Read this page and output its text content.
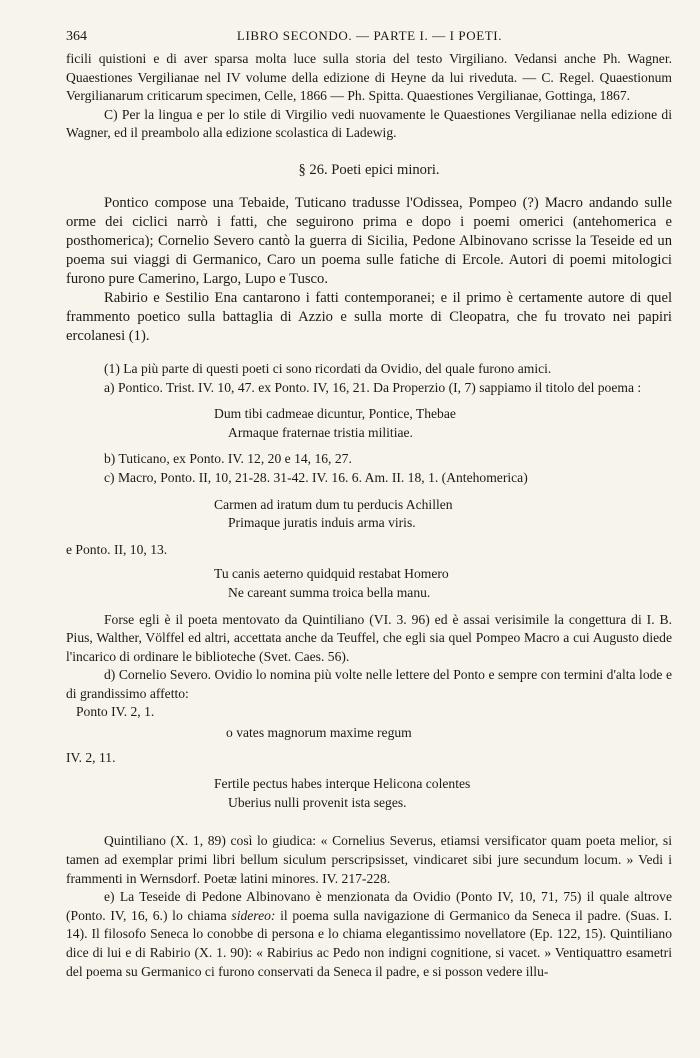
364	LIBRO SECONDO. — PARTE I. — I POETI.

ficili quistioni e di aver sparsa molta luce sulla storia del testo Virgiliano. Vedansi anche Ph. Wagner. Quaestiones Vergilianae nel IV volume della edizione di Heyne da lui riveduta. — C. Regel. Quaestionum Vergilianarum criticarum specimen, Celle, 1866 — Ph. Spitta. Quaestiones Vergilianae, Gottinga, 1867.

C) Per la lingua e per lo stile di Virgilio vedi nuovamente le Quaestiones Vergilianae nella edizione di Wagner, ed il preambolo alla edizione scolastica di Ladewig.

§ 26. Poeti epici minori.

Pontico compose una Tebaide, Tuticano tradusse l'Odissea, Pompeo (?) Macro andando sulle orme dei ciclici narrò i fatti, che seguirono prima e dopo i poemi omerici (antehomerica e posthomerica); Cornelio Severo cantò la guerra di Sicilia, Pedone Albinovano scrisse la Teseide ed un poema sui viaggi di Germanico, Caro un poema sulle fatiche di Ercole. Autori di poemi mitologici furono pure Camerino, Largo, Lupo e Tusco.

Rabirio e Sestilio Ena cantarono i fatti contemporanei; e il primo è certamente autore di quel frammento poetico sulla battaglia di Azzio e sulla morte di Cleopatra, che fu trovato nei papiri ercolanesi (1).

(1) La più parte di questi poeti ci sono ricordati da Ovidio, del quale furono amici.

a) Pontico. Trist. IV. 10, 47. ex Ponto. IV, 16, 21. Da Properzio (I, 7) sappiamo il titolo del poema :

Dum tibi cadmeae dicuntur, Pontice, Thebae
Armaque fraternae tristia militiae.

b) Tuticano, ex Ponto. IV. 12, 20 e 14, 16, 27.

c) Macro, Ponto. II, 10, 21-28. 31-42. IV. 16. 6. Am. II. 18, 1. (Antehomerica)

Carmen ad iratum dum tu perducis Achillen
Primaque juratis induis arma viris.

e Ponto. II, 10, 13.

Tu canis aeterno quidquid restabat Homero
Ne careant summa troica bella manu.

Forse egli è il poeta mentovato da Quintiliano (VI. 3. 96) ed è assai verisimile la congettura di I. B. Pius, Walther, Völffel ed altri, accettata anche da Teuffel, che egli sia quel Pompeo Macro a cui Augusto diede l'incarico di ordinare le biblioteche (Svet. Caes. 56).

d) Cornelio Severo. Ovidio lo nomina più volte nelle lettere del Ponto e sempre con termini d'alta lode e di grandissimo affetto:

Ponto IV. 2, 1.

o vates magnorum maxime regum

IV. 2, 11.

Fertile pectus habes interque Helicona colentes
Uberius nulli provenit ista seges.

Quintiliano (X. 1, 89) così lo giudica: « Cornelius Severus, etiamsi versificator quam poeta melior, si tamen ad exemplar primi libri bellum siculum perscripsisset, vindicaret sibi jure secundum locum. » Vedi i frammenti in Wernsdorf. Poetæ latini minores. IV. 217-228.

e) La Teseide di Pedone Albinovano è menzionata da Ovidio (Ponto IV, 10, 71, 75) il quale altrove (Ponto. IV, 16, 6.) lo chiama sidereo: il poema sulla navigazione di Germanico da Seneca il padre. (Suas. I. 14). Il filosofo Seneca lo conobbe di persona e lo chiama elegantissimo novellatore (Ep. 122, 15). Quintiliano dice di lui e di Rabirio (X. 1. 90): « Rabirius ac Pedo non indigni cognitione, si vacet. » Ventiquattro esametri del poema su Germanico ci furono conservati da Seneca il padre, e si posson vedere illu-
